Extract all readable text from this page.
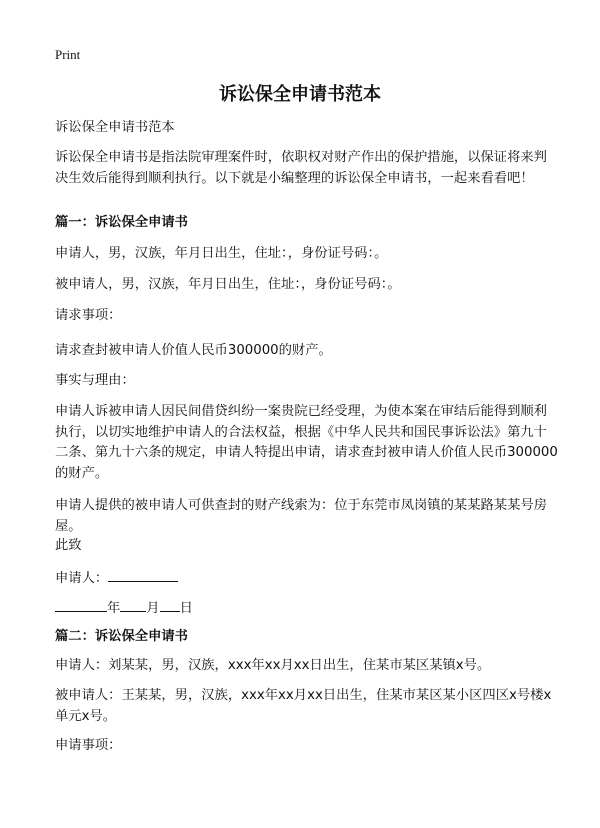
Print
诉讼保全申请书范本

诉讼保全申请书范本

诉讼保全申请书是指法院审理案件时，依职权对财产作出的保护措施，以保证将来判决生效后能得到顺利执行。以下就是小编整理的诉讼保全申请书，一起来看看吧！

篇一：诉讼保全申请书

申请人，男，汉族，年月日出生，住址：，身份证号码：。

被申请人，男，汉族，年月日出生，住址：，身份证号码：。

请求事项：

请求查封被申请人价值人民币300000的财产。

事实与理由：

申请人诉被申请人因民间借贷纠纷一案贵院已经受理，为使本案在审结后能得到顺利执行，以切实地维护申请人的合法权益，根据《中华人民共和国民事诉讼法》第九十二条、第九十六条的规定，申请人特提出申请，请求查封被申请人价值人民币300000的财产。

申请人提供的被申请人可供查封的财产线索为：位于东莞市凤岗镇的某某路某某号房屋。

此致

申请人：

年 月 日

篇二：诉讼保全申请书

申请人：刘某某，男，汉族，xxx年xx月xx日出生，住某市某区某镇x号。

被申请人：王某某，男，汉族，xxx年xx月xx日出生，住某市某区某小区四区x号楼x单元x号。

申请事项：
